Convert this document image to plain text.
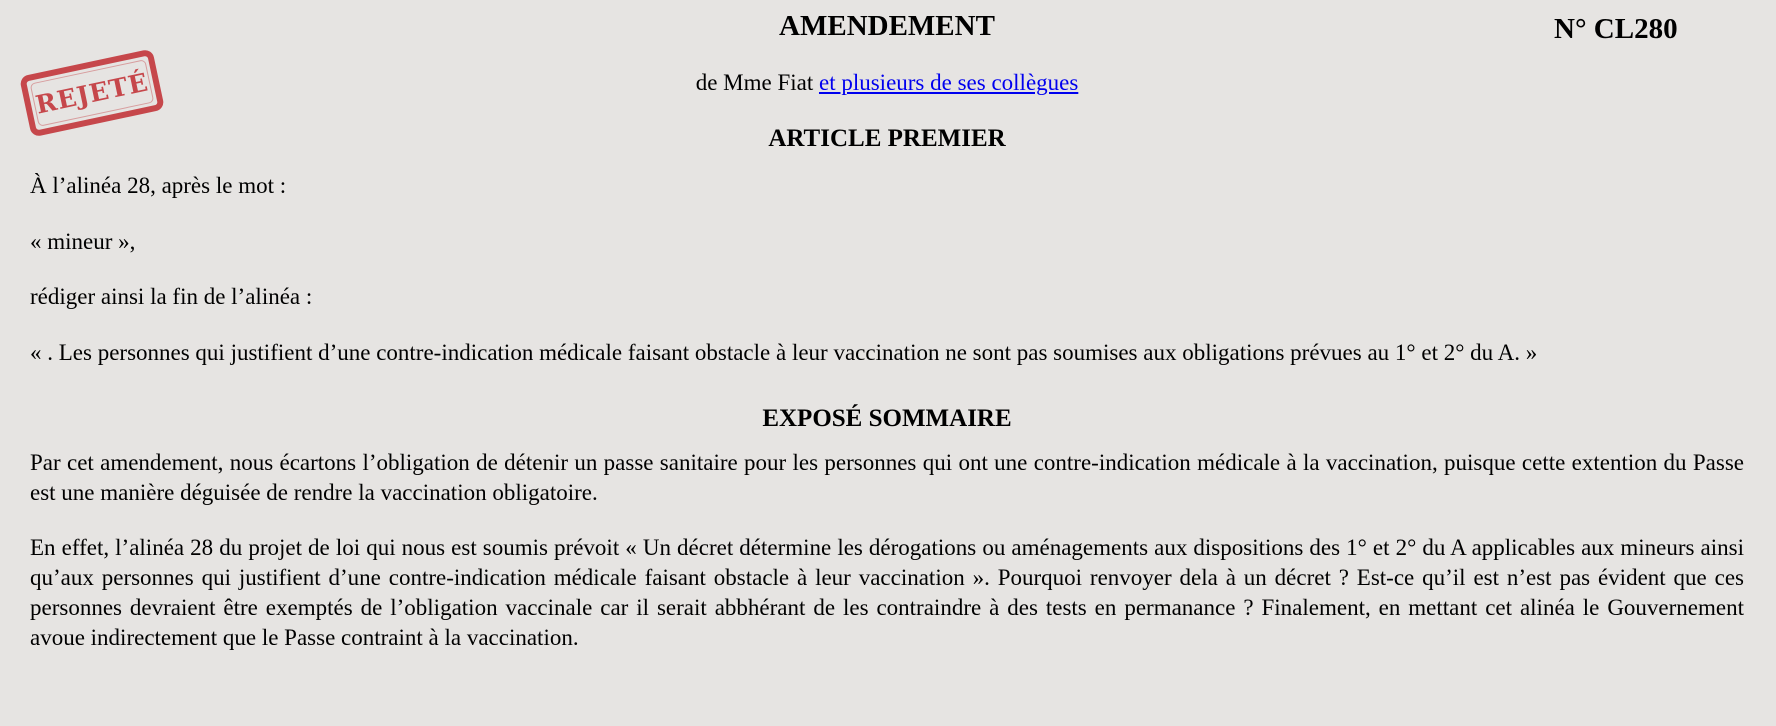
REJETÉ
AMENDEMENT	N° CL280
de Mme Fiat et plusieurs de ses collègues
ARTICLE PREMIER

À l’alinéa 28, après le mot :

« mineur »,

rédiger ainsi la fin de l’alinéa :

« . Les personnes qui justifient d’une contre-indication médicale faisant obstacle à leur vaccination ne sont pas soumises aux obligations prévues au 1° et 2° du A. »

EXPOSÉ SOMMAIRE

Par cet amendement, nous écartons l’obligation de détenir un passe sanitaire pour les personnes qui ont une contre-indication médicale à la vaccination, puisque cette extention du Passe est une manière déguisée de rendre la vaccination obligatoire.

En effet, l’alinéa 28 du projet de loi qui nous est soumis prévoit « Un décret détermine les dérogations ou aménagements aux dispositions des 1° et 2° du A applicables aux mineurs ainsi qu’aux personnes qui justifient d’une contre-indication médicale faisant obstacle à leur vaccination ». Pourquoi renvoyer dela à un décret ? Est-ce qu’il est n’est pas évident que ces personnes devraient être exemptés de l’obligation vaccinale car il serait abbhérant de les contraindre à des tests en permanance ? Finalement, en mettant cet alinéa le Gouvernement avoue indirectement que le Passe contraint à la vaccination.
